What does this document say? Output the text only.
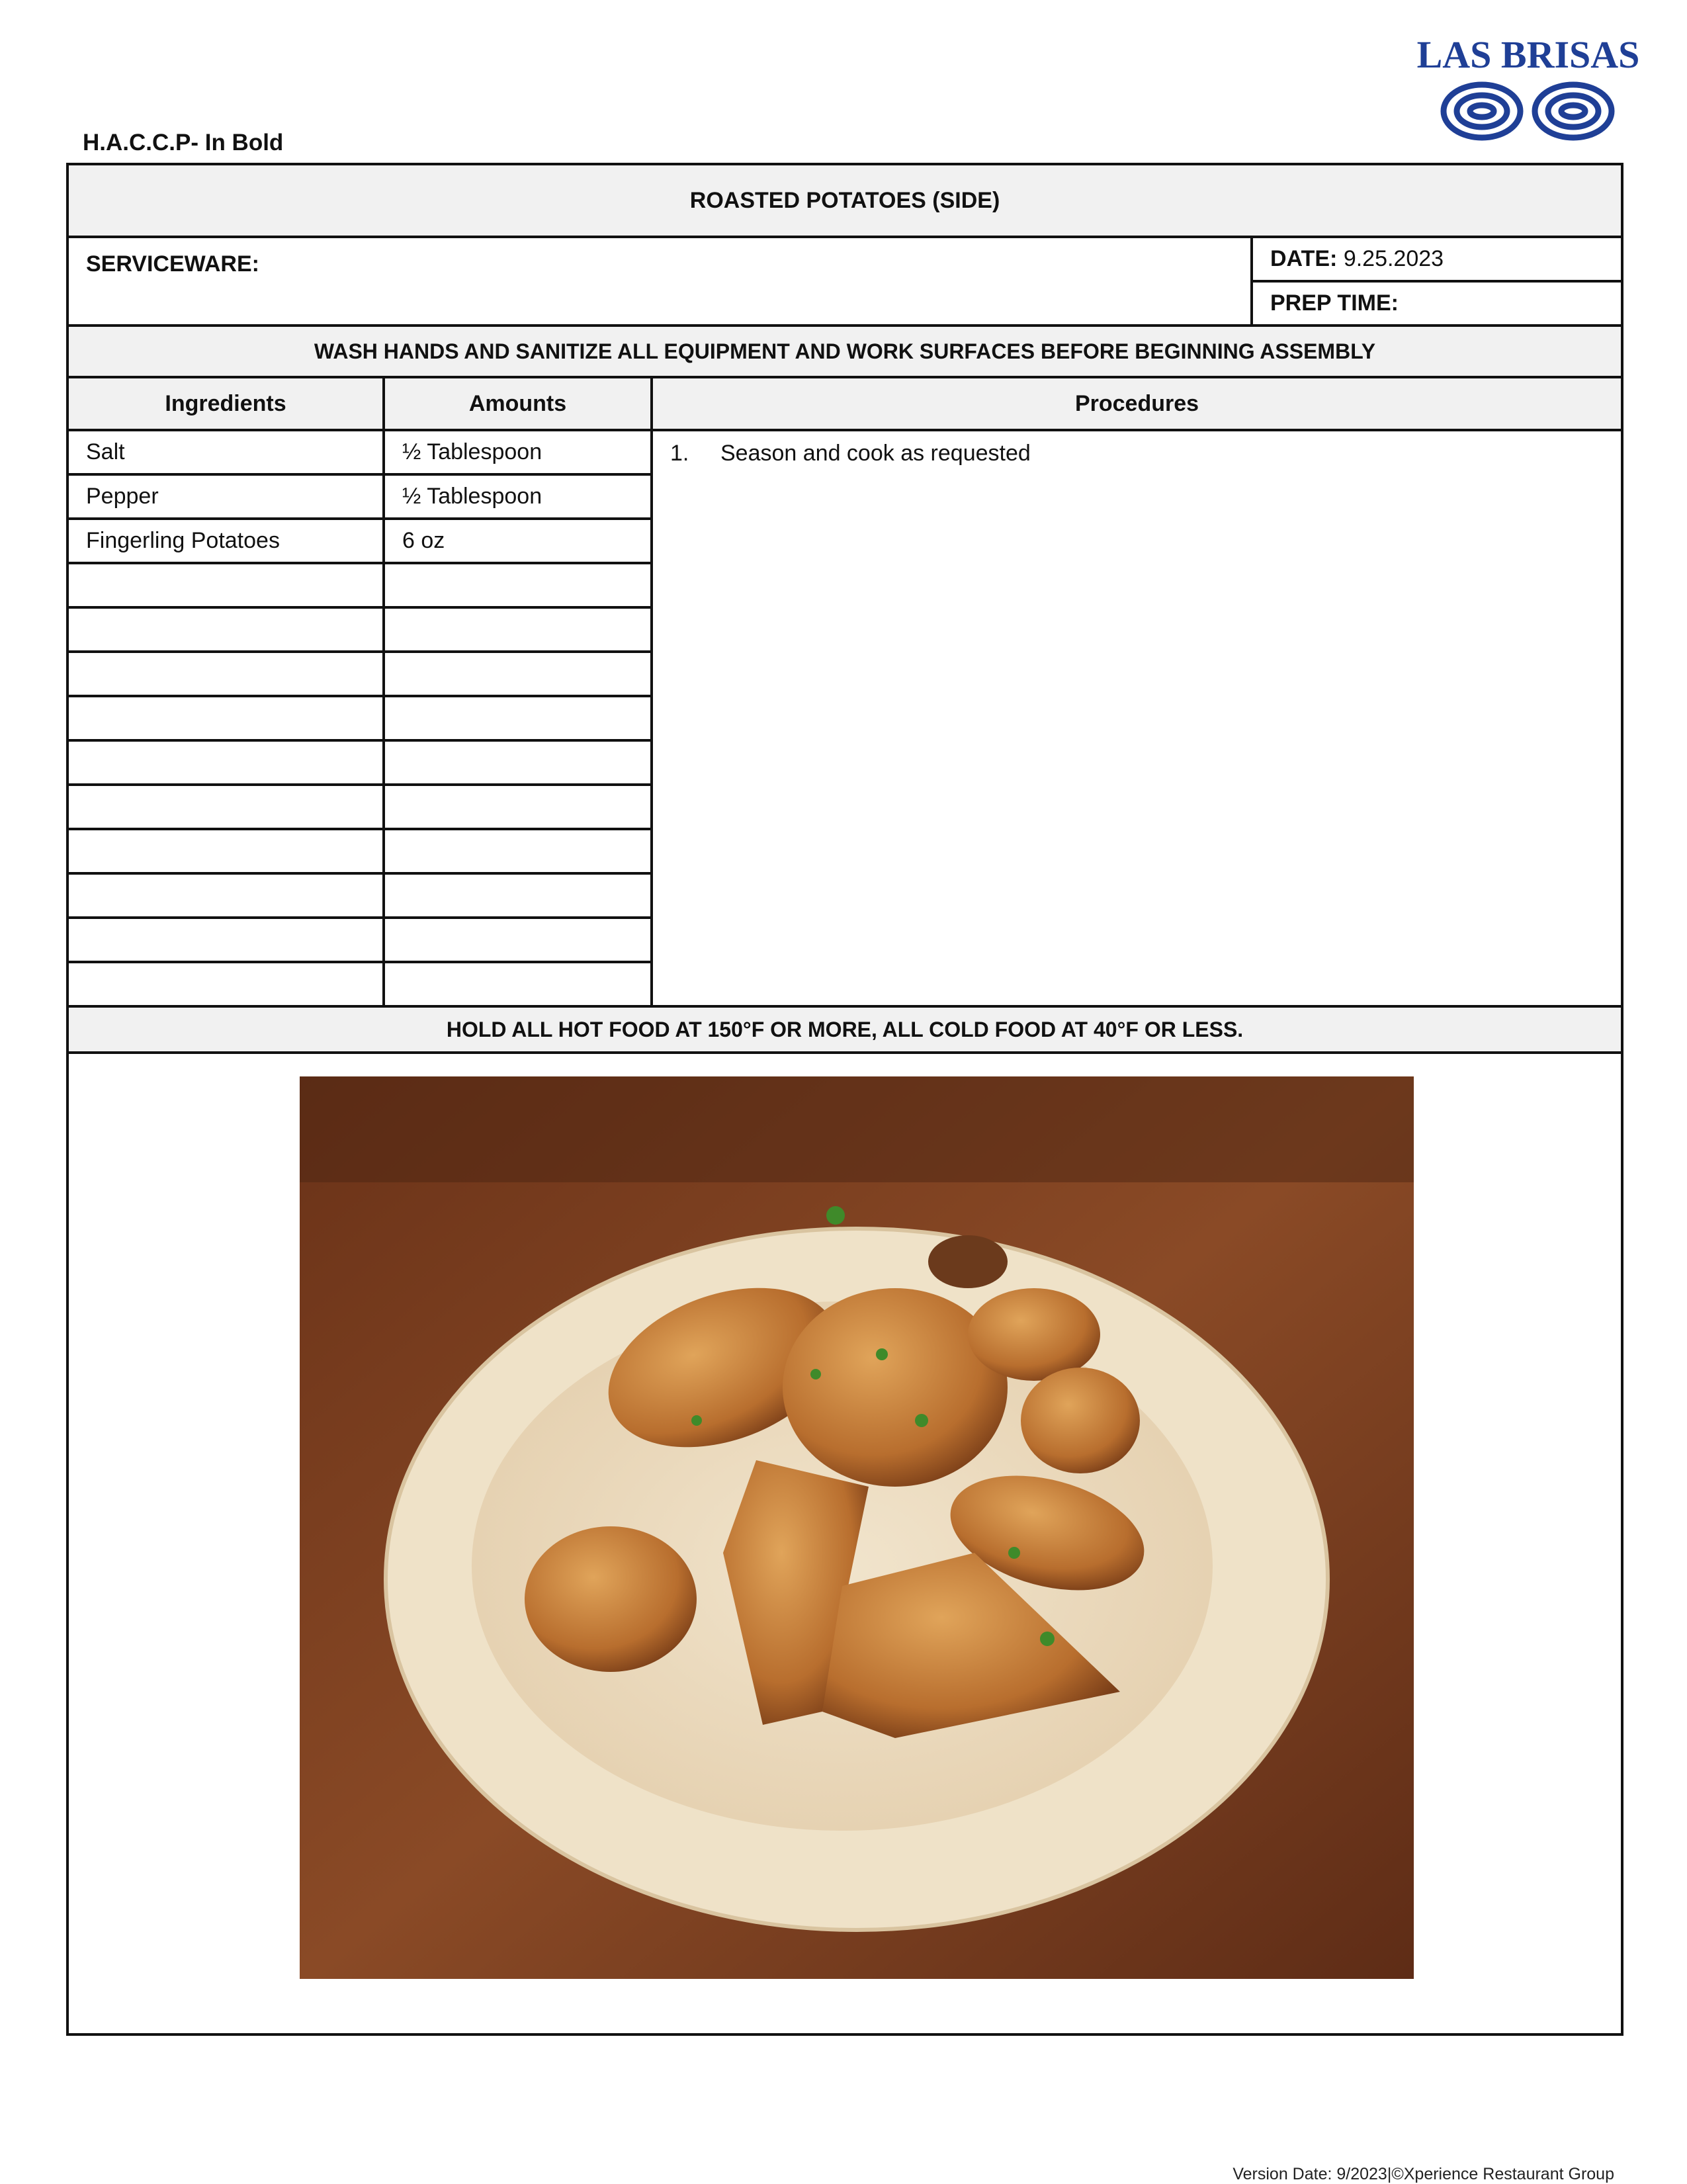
LAS BRISAS
H.A.C.C.P- In Bold
ROASTED POTATOES (SIDE)			
SERVICEWARE:			DATE: 9.25.2023
			PREP TIME:
WASH HANDS AND SANITIZE ALL EQUIPMENT AND WORK SURFACES BEFORE BEGINNING ASSEMBLY			
Ingredients	Amounts	Procedures	
Salt	½ Tablespoon	1. Season and cook as requested	

Pepper	½ Tablespoon		
Fingerling Potatoes	6 oz		

HOLD ALL HOT FOOD AT 150°F OR MORE, ALL COLD FOOD AT 40°F OR LESS.			

Version Date: 9/2023|©Xperience Restaurant Group
